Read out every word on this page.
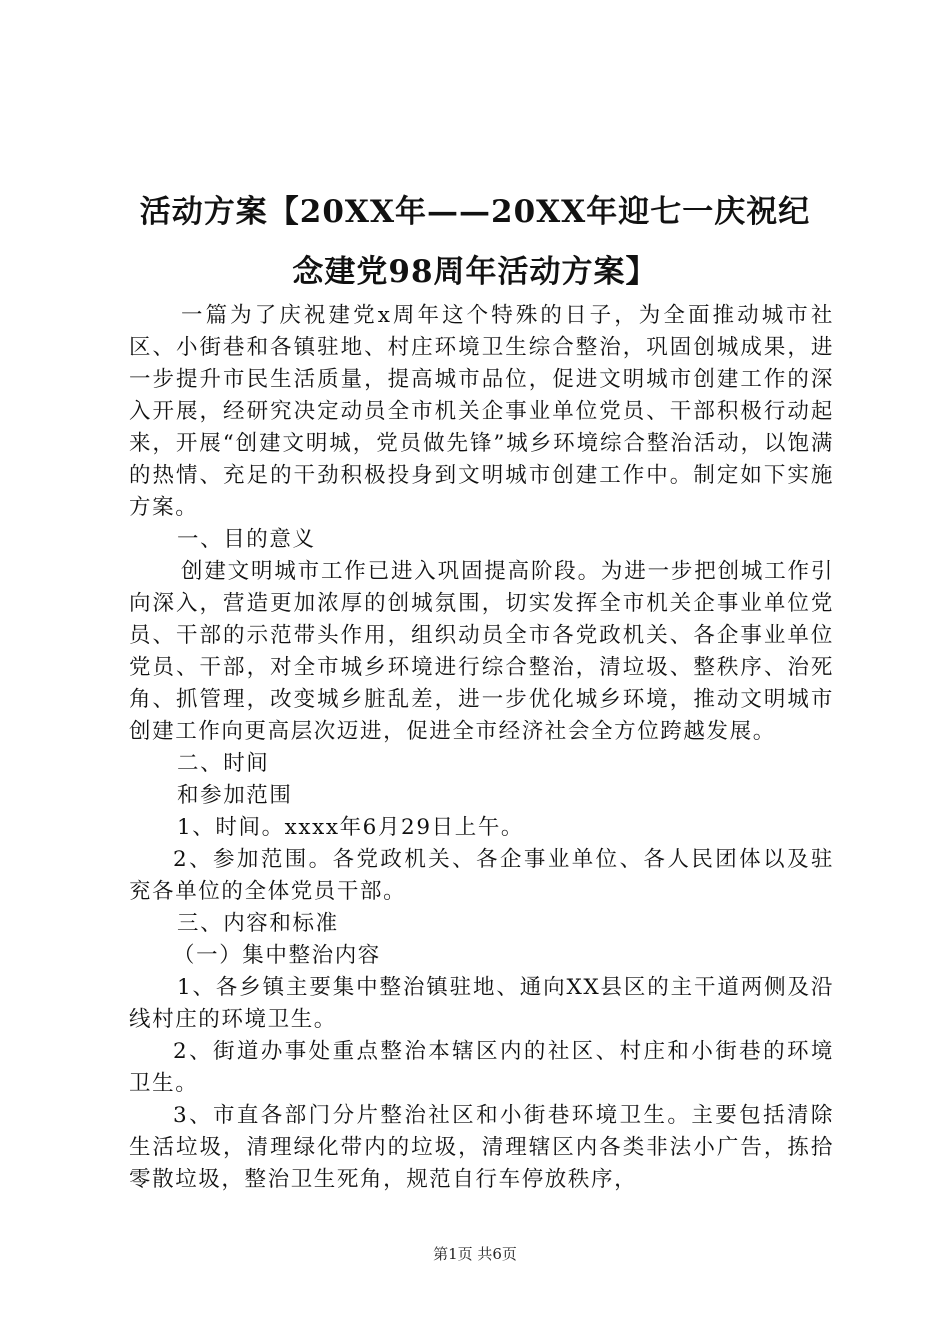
活动方案【20XX年——20XX年迎七一庆祝纪
念建党98周年活动方案】

一篇为了庆祝建党x周年这个特殊的日子，为全面推动城市社区、小街巷和各镇驻地、村庄环境卫生综合整治，巩固创城成果，进一步提升市民生活质量，提高城市品位，促进文明城市创建工作的深入开展，经研究决定动员全市机关企事业单位党员、干部积极行动起来，开展“创建文明城，党员做先锋”城乡环境综合整治活动，以饱满的热情、充足的干劲积极投身到文明城市创建工作中。制定如下实施方案。

一、目的意义

创建文明城市工作已进入巩固提高阶段。为进一步把创城工作引向深入，营造更加浓厚的创城氛围，切实发挥全市机关企事业单位党员、干部的示范带头作用，组织动员全市各党政机关、各企事业单位党员、干部，对全市城乡环境进行综合整治，清垃圾、整秩序、治死角、抓管理，改变城乡脏乱差，进一步优化城乡环境，推动文明城市创建工作向更高层次迈进，促进全市经济社会全方位跨越发展。

二、时间

和参加范围

1、时间。xxxx年6月29日上午。

2、参加范围。各党政机关、各企事业单位、各人民团体以及驻兖各单位的全体党员干部。

三、内容和标准

（一）集中整治内容

1、各乡镇主要集中整治镇驻地、通向XX县区的主干道两侧及沿线村庄的环境卫生。

2、街道办事处重点整治本辖区内的社区、村庄和小街巷的环境卫生。

3、市直各部门分片整治社区和小街巷环境卫生。主要包括清除生活垃圾，清理绿化带内的垃圾，清理辖区内各类非法小广告，拣拾零散垃圾，整治卫生死角，规范自行车停放秩序，

第1页 共6页
